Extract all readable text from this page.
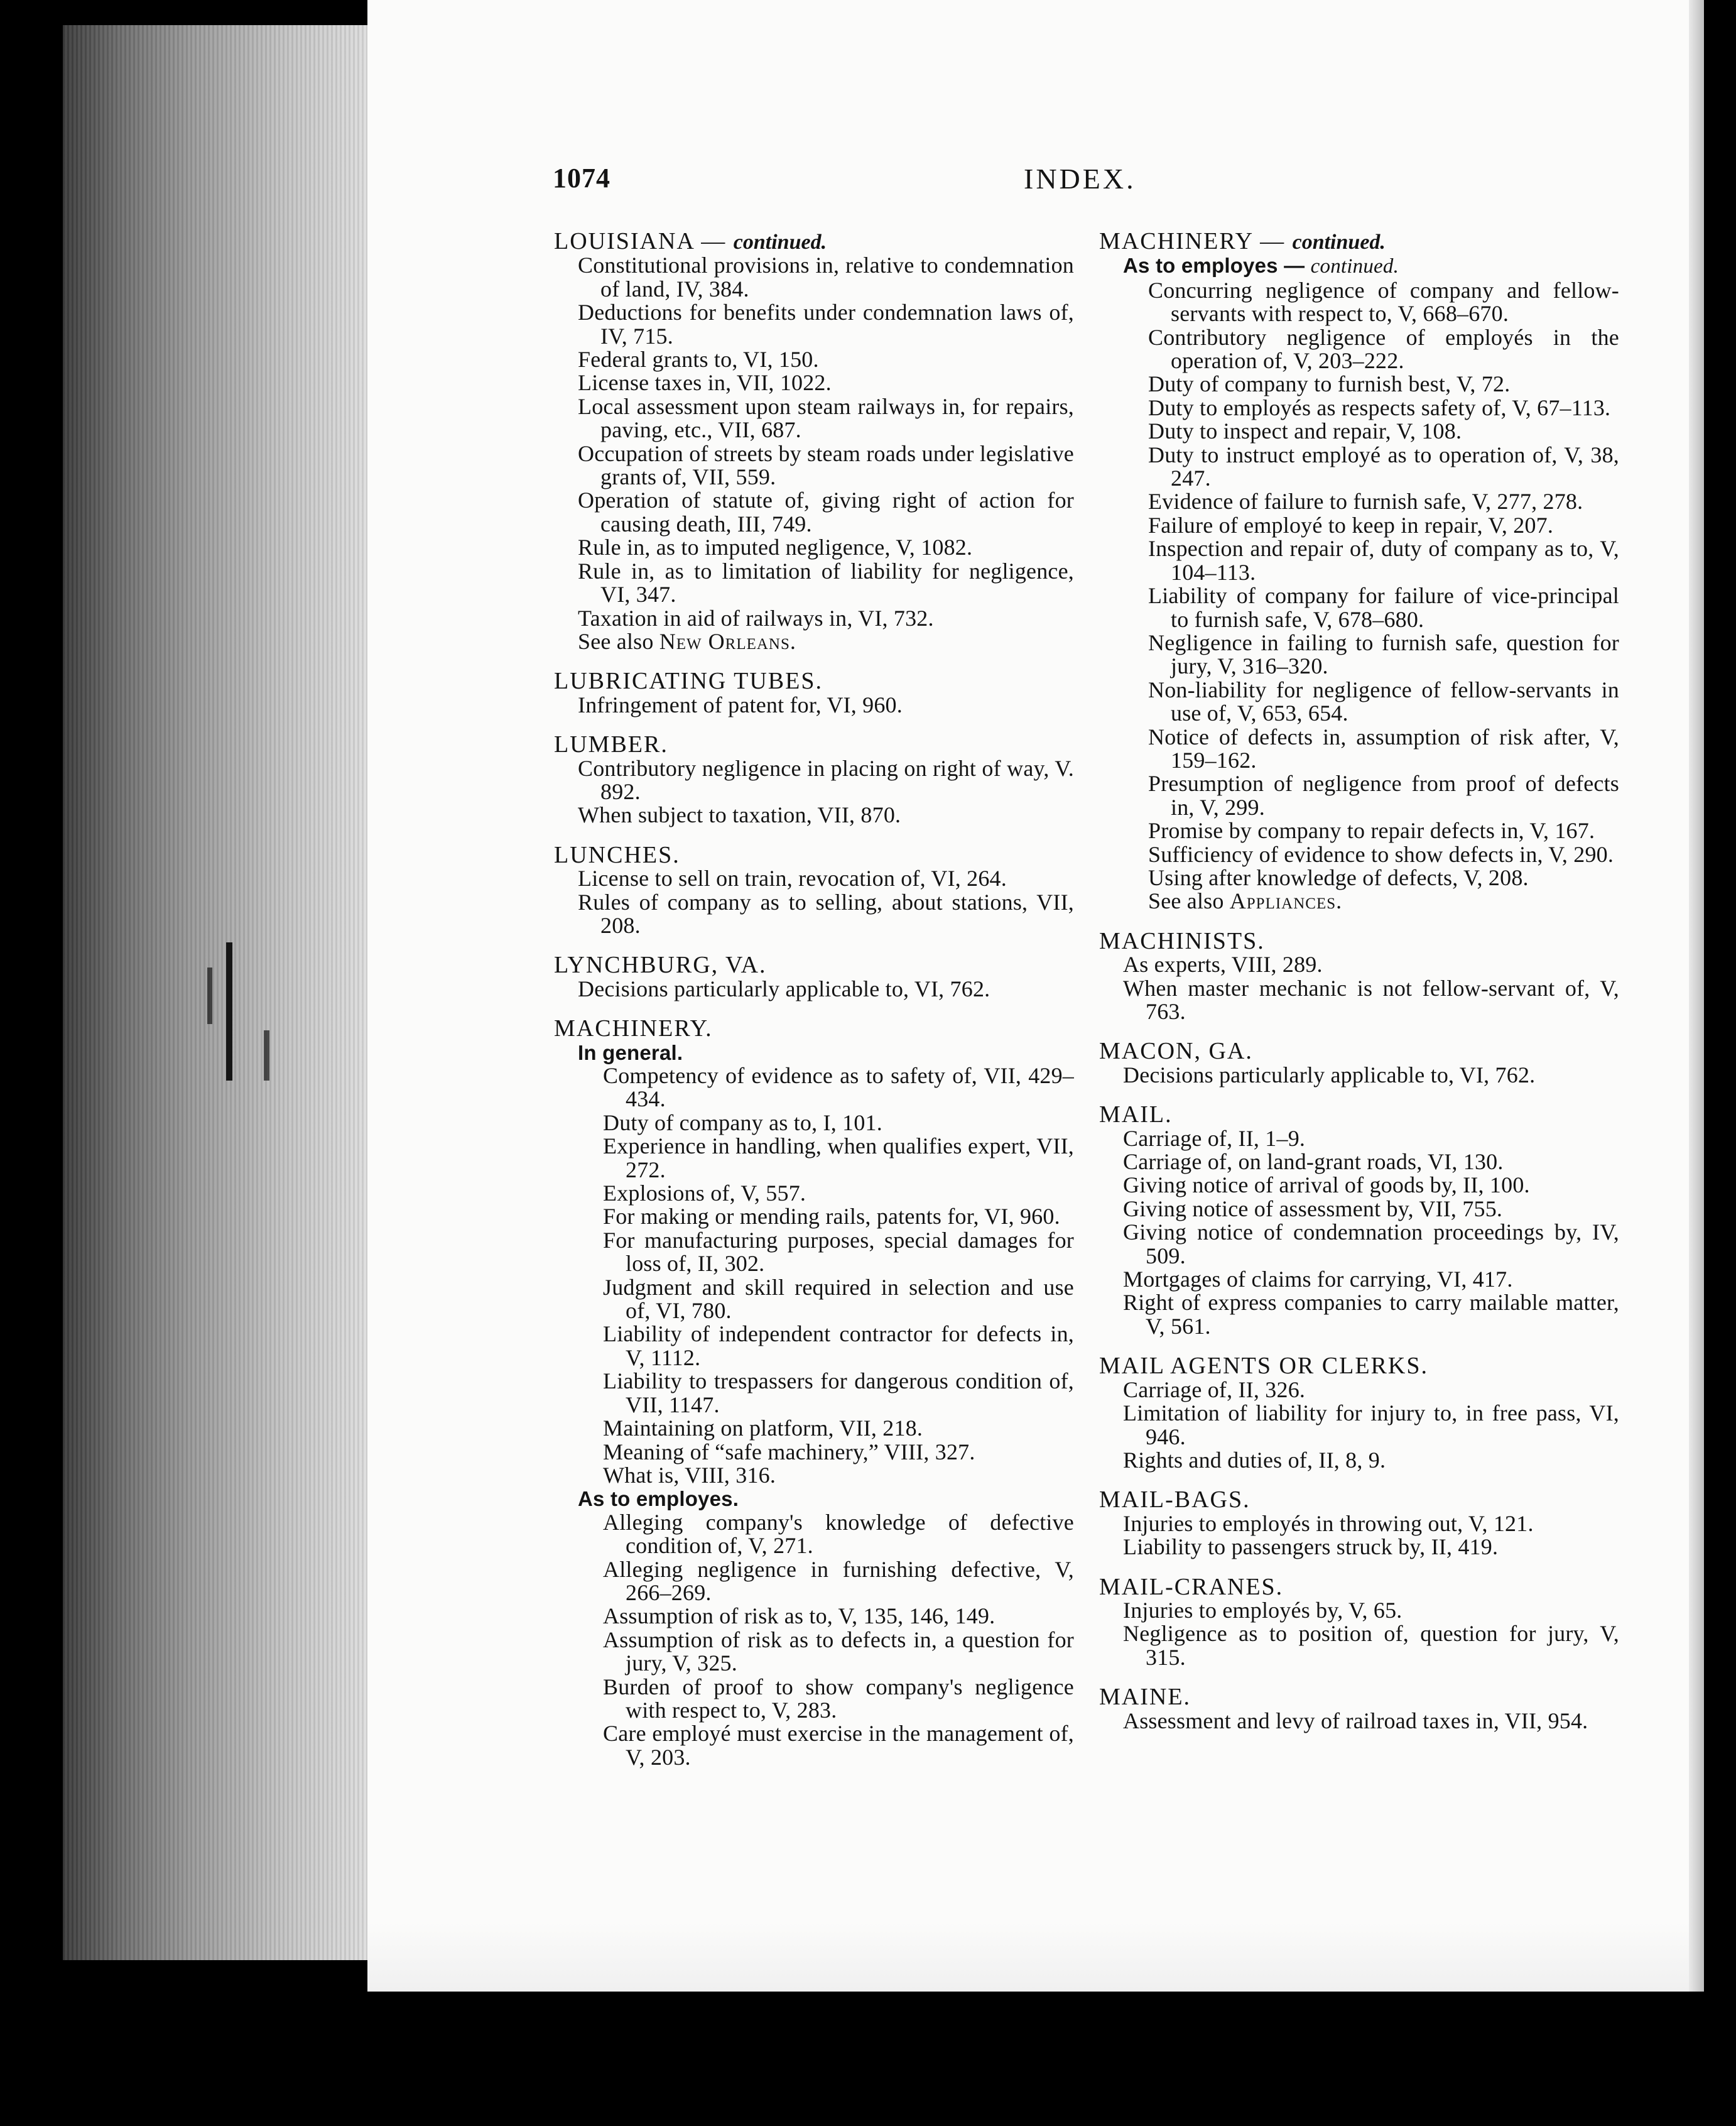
1074	INDEX.
LOUISIANA — continued.
Constitutional provisions in, relative to condemnation of land, IV, 384.
Deductions for benefits under condemnation laws of, IV, 715.
Federal grants to, VI, 150.
License taxes in, VII, 1022.
Local assessment upon steam railways in, for repairs, paving, etc., VII, 687.
Occupation of streets by steam roads under legislative grants of, VII, 559.
Operation of statute of, giving right of action for causing death, III, 749.
Rule in, as to imputed negligence, V, 1082.
Rule in, as to limitation of liability for negligence, VI, 347.
Taxation in aid of railways in, VI, 732.
See also New Orleans.
LUBRICATING TUBES.
Infringement of patent for, VI, 960.
LUMBER.
Contributory negligence in placing on right of way, V. 892.
When subject to taxation, VII, 870.
LUNCHES.
License to sell on train, revocation of, VI, 264.
Rules of company as to selling, about stations, VII, 208.
LYNCHBURG, VA.
Decisions particularly applicable to, VI, 762.
MACHINERY.
In general.
Competency of evidence as to safety of, VII, 429–434.
Duty of company as to, I, 101.
Experience in handling, when qualifies expert, VII, 272.
Explosions of, V, 557.
For making or mending rails, patents for, VI, 960.
For manufacturing purposes, special damages for loss of, II, 302.
Judgment and skill required in selection and use of, VI, 780.
Liability of independent contractor for defects in, V, 1112.
Liability to trespassers for dangerous condition of, VII, 1147.
Maintaining on platform, VII, 218.
Meaning of “safe machinery,” VIII, 327.
What is, VIII, 316.
As to employes.
Alleging company's knowledge of defective condition of, V, 271.
Alleging negligence in furnishing defective, V, 266–269.
Assumption of risk as to, V, 135, 146, 149.
Assumption of risk as to defects in, a question for jury, V, 325.
Burden of proof to show company's negligence with respect to, V, 283.
Care employé must exercise in the management of, V, 203.
MACHINERY — continued.
As to employes — continued.
Concurring negligence of company and fellow-servants with respect to, V, 668–670.
Contributory negligence of employés in the operation of, V, 203–222.
Duty of company to furnish best, V, 72.
Duty to employés as respects safety of, V, 67–113.
Duty to inspect and repair, V, 108.
Duty to instruct employé as to operation of, V, 38, 247.
Evidence of failure to furnish safe, V, 277, 278.
Failure of employé to keep in repair, V, 207.
Inspection and repair of, duty of company as to, V, 104–113.
Liability of company for failure of vice-principal to furnish safe, V, 678–680.
Negligence in failing to furnish safe, question for jury, V, 316–320.
Non-liability for negligence of fellow-servants in use of, V, 653, 654.
Notice of defects in, assumption of risk after, V, 159–162.
Presumption of negligence from proof of defects in, V, 299.
Promise by company to repair defects in, V, 167.
Sufficiency of evidence to show defects in, V, 290.
Using after knowledge of defects, V, 208.
See also Appliances.
MACHINISTS.
As experts, VIII, 289.
When master mechanic is not fellow-servant of, V, 763.
MACON, GA.
Decisions particularly applicable to, VI, 762.
MAIL.
Carriage of, II, 1–9.
Carriage of, on land-grant roads, VI, 130.
Giving notice of arrival of goods by, II, 100.
Giving notice of assessment by, VII, 755.
Giving notice of condemnation proceedings by, IV, 509.
Mortgages of claims for carrying, VI, 417.
Right of express companies to carry mailable matter, V, 561.
MAIL AGENTS OR CLERKS.
Carriage of, II, 326.
Limitation of liability for injury to, in free pass, VI, 946.
Rights and duties of, II, 8, 9.
MAIL-BAGS.
Injuries to employés in throwing out, V, 121.
Liability to passengers struck by, II, 419.
MAIL-CRANES.
Injuries to employés by, V, 65.
Negligence as to position of, question for jury, V, 315.
MAINE.
Assessment and levy of railroad taxes in, VII, 954.
